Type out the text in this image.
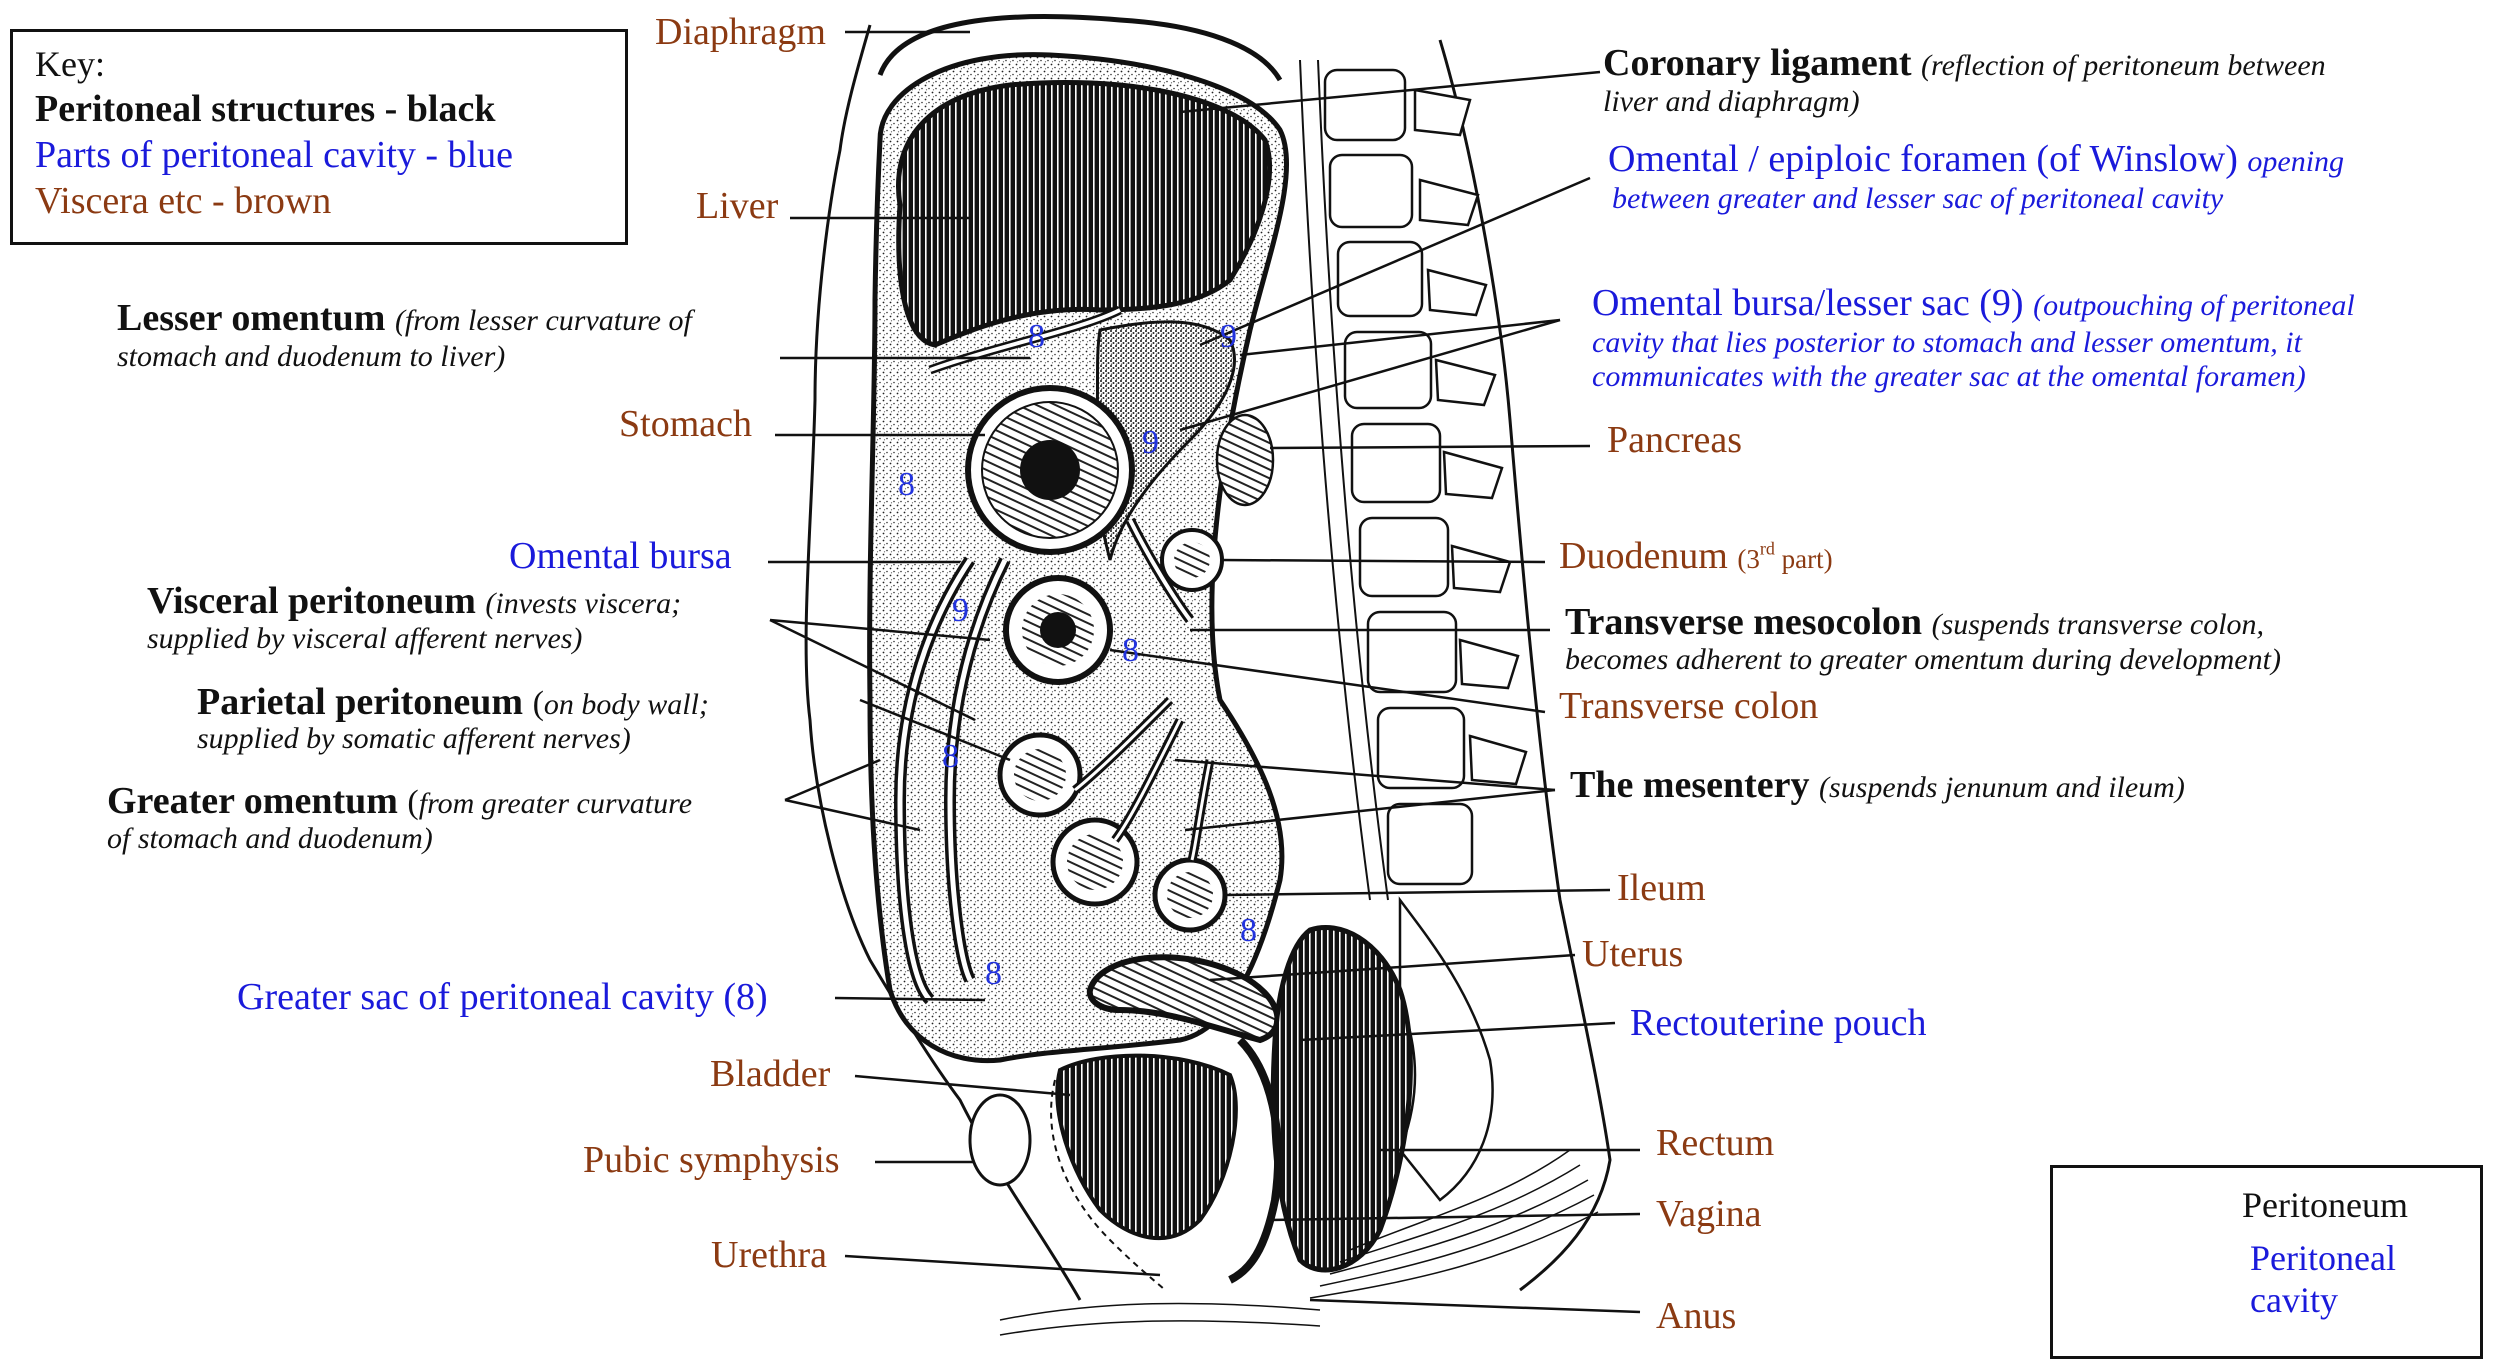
Key:
Peritoneal structures - black
Parts of peritoneal cavity - blue
Viscera etc - brown
Peritoneum
Peritoneal
cavity
Diaphragm
Liver
Lesser omentum (from lesser curvature of
stomach and duodenum to liver)
Stomach
Omental bursa
Visceral peritoneum (invests viscera;
supplied by visceral afferent nerves)
Parietal peritoneum (on body wall;
supplied by somatic afferent nerves)
Greater omentum (from greater curvature
of stomach and duodenum)
Greater sac of peritoneal cavity (8)
Bladder
Pubic symphysis
Urethra
Coronary ligament (reflection of peritoneum between
liver and diaphragm)
Omental / epiploic foramen (of Winslow) opening
between greater and lesser sac of peritoneal cavity
Omental bursa/lesser sac (9) (outpouching of peritoneal
cavity that lies posterior to stomach and lesser omentum, it
communicates with the greater sac at the omental foramen)
Pancreas
Duodenum (3rd part)
Transverse mesocolon (suspends transverse colon,
becomes adherent to greater omentum during development)
Transverse colon
The mesentery (suspends jenunum and ileum)
Ileum
Uterus
Rectouterine pouch
Rectum
Vagina
Anus
8	9
9
8
9
8
8
8
8
